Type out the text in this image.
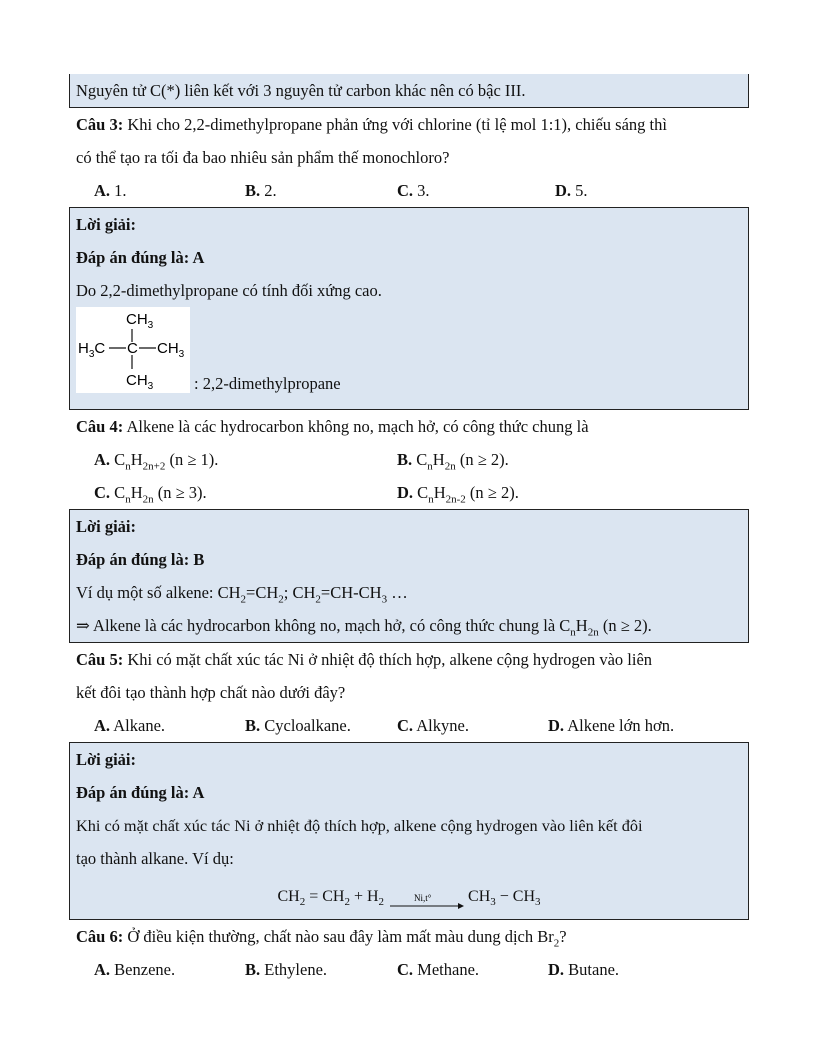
Nguyên tử C(*) liên kết với 3 nguyên tử carbon khác nên có bậc III.
Câu 3: Khi cho 2,2-dimethylpropane phản ứng với chlorine (tỉ lệ mol 1:1), chiếu sáng thì
có thể tạo ra tối đa bao nhiêu sản phẩm thế monochloro?
A. 1.	B. 2.	C. 3.	D. 5.
Lời giải:
Đáp án đúng là: A
Do 2,2-dimethylpropane có tính đối xứng cao.
$CH_3$
$H_3C$ C $CH_3$
$CH_3$ : 2,2-dimethylpropane
Câu 4: Alkene là các hydrocarbon không no, mạch hở, có công thức chung là
A. $C_nH_{2n+2}$ (n ≥ 1).	B. $C_nH_{2n}$ (n ≥ 2).
C. $C_nH_{2n}$ (n ≥ 3).	D. $C_nH_{2n-2}$ (n ≥ 2).
Lời giải:
Đáp án đúng là: B
Ví dụ một số alkene: $CH_2=CH_2$; $CH_2=CH-CH_3$ …
⇒ Alkene là các hydrocarbon không no, mạch hở, có công thức chung là $C_nH_{2n}$ (n ≥ 2).
Câu 5: Khi có mặt chất xúc tác Ni ở nhiệt độ thích hợp, alkene cộng hydrogen vào liên
kết đôi tạo thành hợp chất nào dưới đây?
A. Alkane.	B. Cycloalkane.	C. Alkyne.	D. Alkene lớn hơn.
Lời giải:
Đáp án đúng là: A
Khi có mặt chất xúc tác Ni ở nhiệt độ thích hợp, alkene cộng hydrogen vào liên kết đôi
tạo thành alkane. Ví dụ:
$CH_2 = CH_2 + H_2$	Ni,t° $CH_3 - CH_3$
Câu 6: Ở điều kiện thường, chất nào sau đây làm mất màu dung dịch $Br_2$?
A. Benzene.	B. Ethylene.	C. Methane.	D. Butane.
